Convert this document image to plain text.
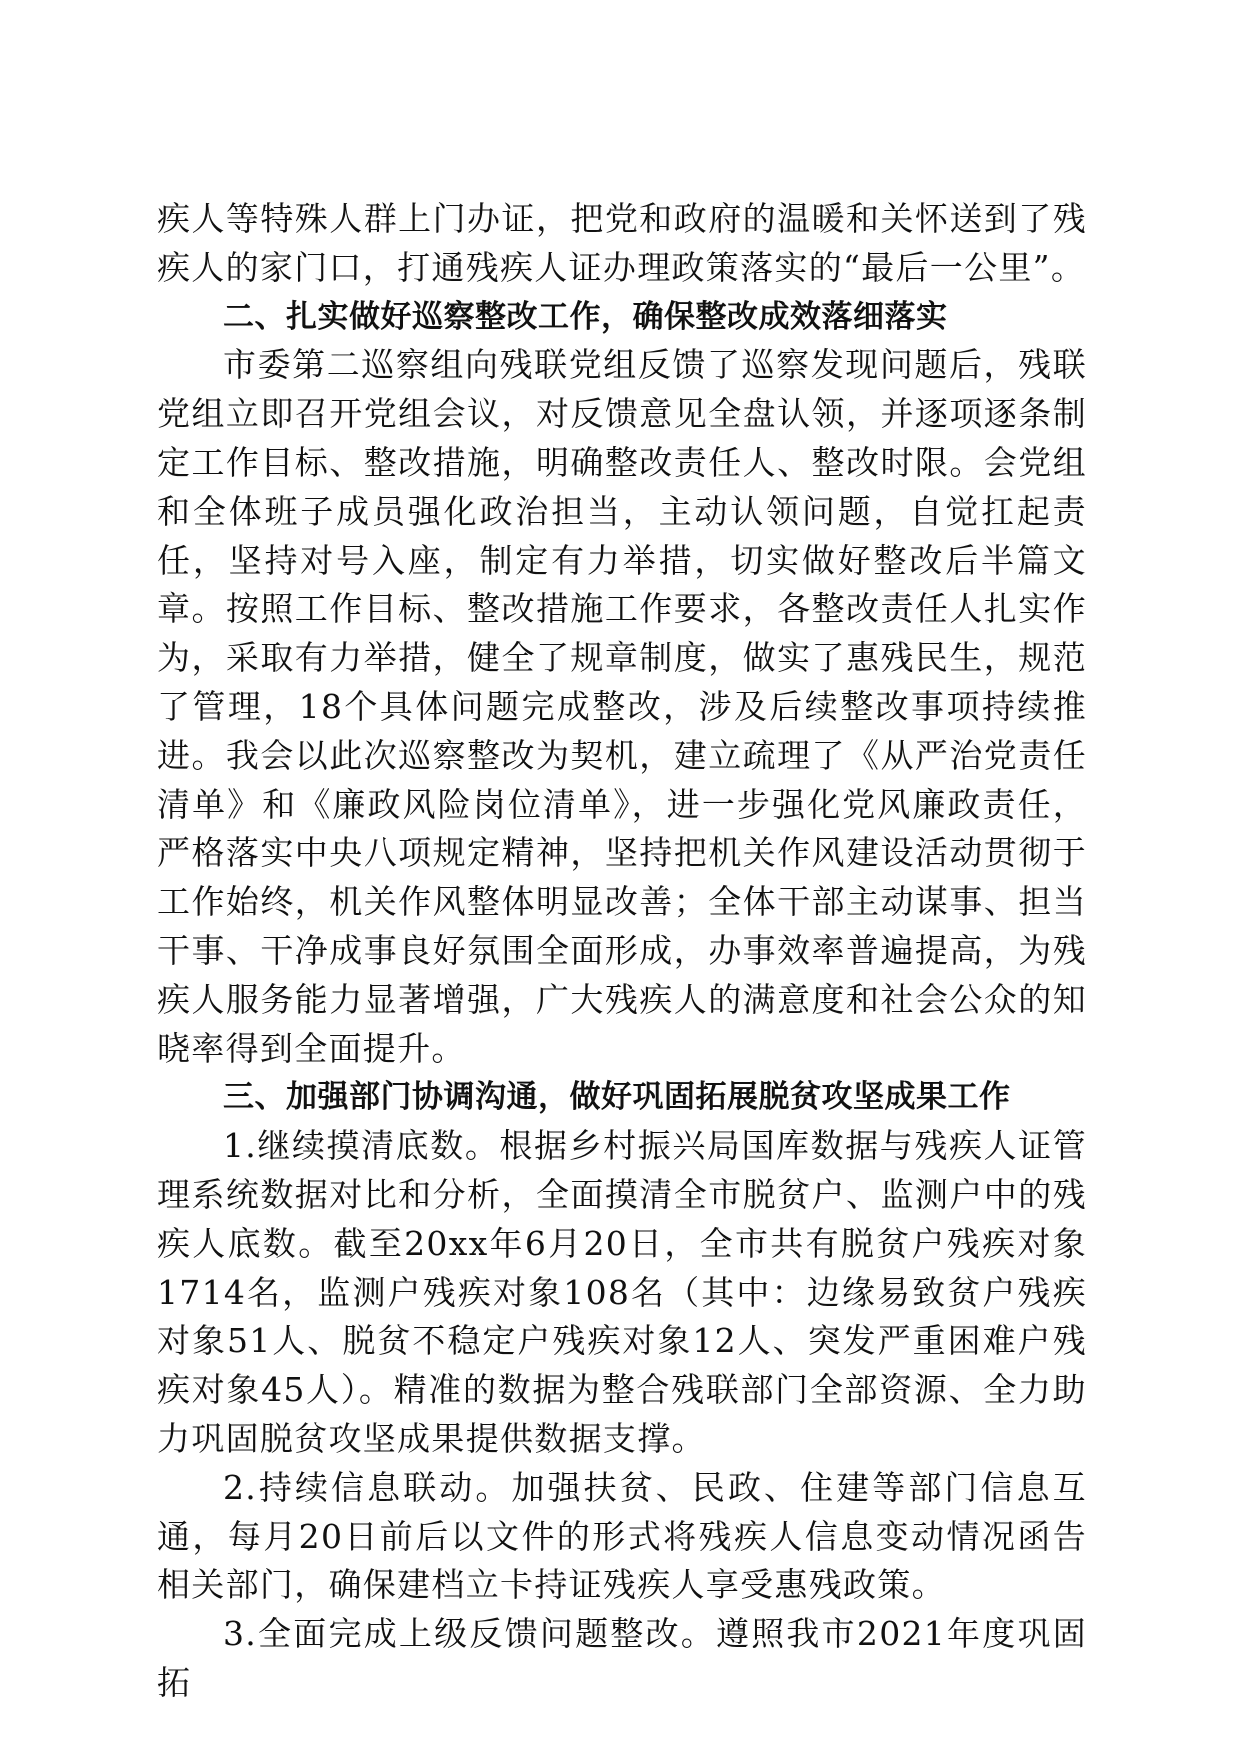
疾人等特殊人群上门办证，把党和政府的温暖和关怀送到了残疾人的家门口，打通残疾人证办理政策落实的“最后一公里”。

二、扎实做好巡察整改工作，确保整改成效落细落实

市委第二巡察组向残联党组反馈了巡察发现问题后，残联党组立即召开党组会议，对反馈意见全盘认领，并逐项逐条制定工作目标、整改措施，明确整改责任人、整改时限。会党组和全体班子成员强化政治担当，主动认领问题，自觉扛起责任，坚持对号入座，制定有力举措，切实做好整改后半篇文章。按照工作目标、整改措施工作要求，各整改责任人扎实作为，采取有力举措，健全了规章制度，做实了惠残民生，规范了管理，18个具体问题完成整改，涉及后续整改事项持续推进。我会以此次巡察整改为契机，建立疏理了《从严治党责任清单》和《廉政风险岗位清单》，进一步强化党风廉政责任，严格落实中央八项规定精神，坚持把机关作风建设活动贯彻于工作始终，机关作风整体明显改善；全体干部主动谋事、担当干事、干净成事良好氛围全面形成，办事效率普遍提高，为残疾人服务能力显著增强，广大残疾人的满意度和社会公众的知晓率得到全面提升。

三、加强部门协调沟通，做好巩固拓展脱贫攻坚成果工作

1.继续摸清底数。根据乡村振兴局国库数据与残疾人证管理系统数据对比和分析，全面摸清全市脱贫户、监测户中的残疾人底数。截至20xx年6月20日，全市共有脱贫户残疾对象1714名，监测户残疾对象108名（其中：边缘易致贫户残疾对象51人、脱贫不稳定户残疾对象12人、突发严重困难户残疾对象45人）。精准的数据为整合残联部门全部资源、全力助力巩固脱贫攻坚成果提供数据支撑。

2.持续信息联动。加强扶贫、民政、住建等部门信息互通，每月20日前后以文件的形式将残疾人信息变动情况函告相关部门，确保建档立卡持证残疾人享受惠残政策。

3.全面完成上级反馈问题整改。遵照我市2021年度巩固拓
